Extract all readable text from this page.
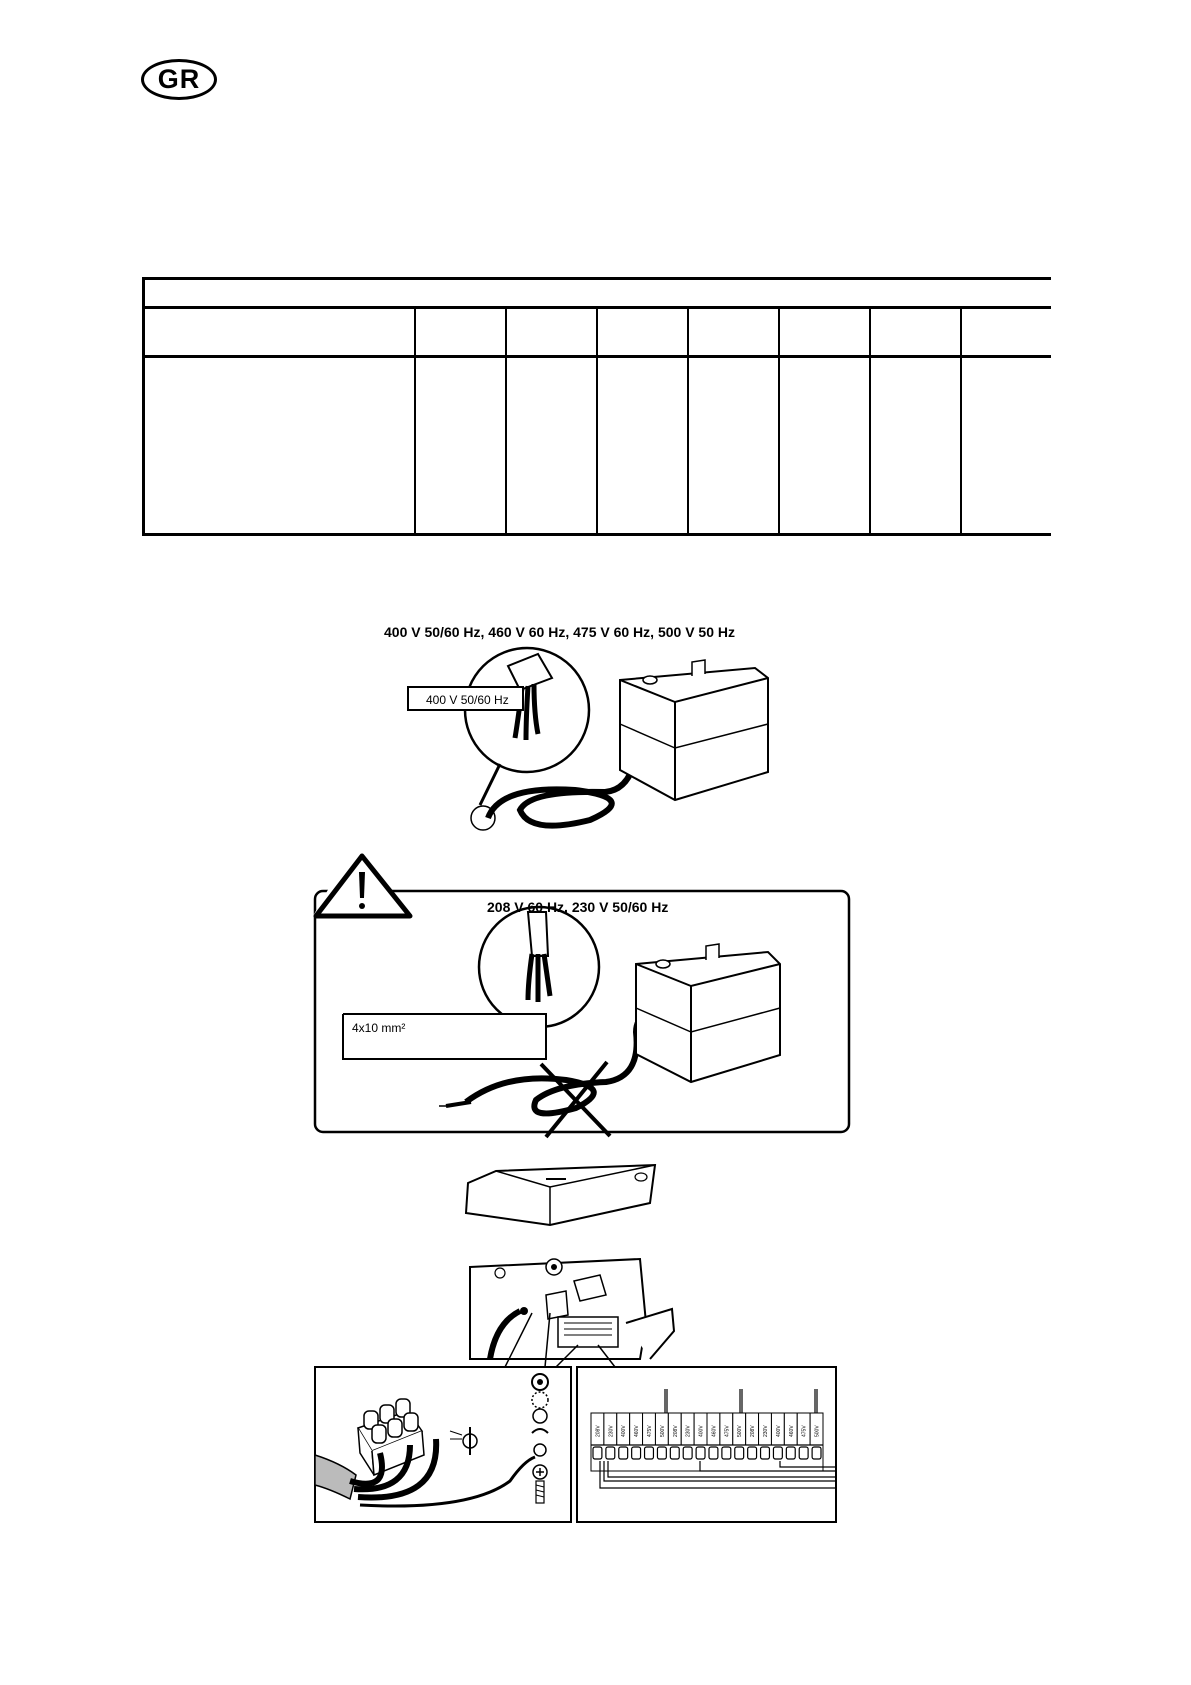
GR
400 V 50/60 Hz, 460 V 60 Hz, 475 V 60 Hz, 500 V 50 Hz
400 V 50/60 Hz
4x10 mm²
208 V 60 Hz, 230 V 50/60 Hz
208V 230V 400V 460V 475V 500V 208V 230V 400V 460V 475V 500V 208V 230V 400V 460V 475V 500V
